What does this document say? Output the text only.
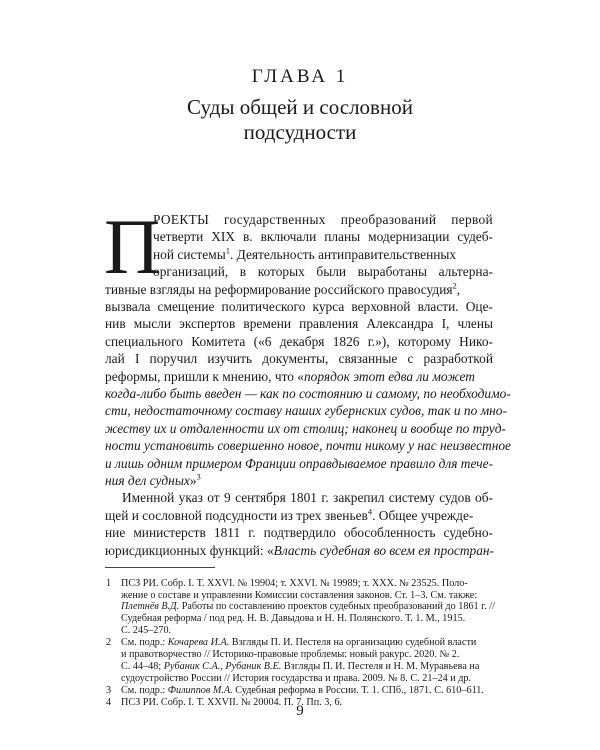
ГЛАВА 1
Суды общей и сословной
подсудности
П
РОЕКТЫ государственных преобразований первой
четверти XIX в. включали планы модернизации судеб-
ной системы$^1$. Деятельность антиправительственных
организаций, в которых были выработаны альтерна-
тивные взгляды на реформирование российского правосудия$^2$,
вызвала смещение политического курса верховной власти. Оце-
нив мысли экспертов времени правления Александра I, члены
специального Комитета («6 декабря 1826 г.»), которому Нико-
лай I поручил изучить документы, связанные с разработкой
реформы, пришли к мнению, что «порядок этот едва ли может
когда-либо быть введен — как по состоянию и самому, по необходимо-
сти, недостаточному составу наших губернских судов, так и по мно-
жеству их и отдаленности их от столиц; наконец и вообще по труд-
ности установить совершенно новое, почти никому у нас неизвестное
и лишь одним примером Франции оправдываемое правило для тече-
ния дел судных»$^3$
Именной указ от 9 сентября 1801 г. закрепил систему судов об-
щей и сословной подсудности из трех звеньев$^4$. Общее учрежде-
ние министерств 1811 г. подтвердило обособленность судебно-
юрисдикционных функций: «Власть судебная во всем ея простран-
1 ПСЗ РИ. Собр. I. Т. XXVI. № 19904; т. XXVI. № 19989; т. XXX. № 23525. Поло-
жение о составе и управлении Комиссии составления законов. Ст. 1–3. См. также:
Плетнёв В.Д. Работы по составлению проектов судебных преобразований до 1861 г. //
Судебная реформа / под ред. Н. В. Давыдова и Н. Н. Полянского. Т. 1. М., 1915.
С. 245–270.
2 См. подр.: Кочарева И.А. Взгляды П. И. Пестеля на организацию судебной власти
и правотворчество // Историко-правовые проблемы: новый ракурс. 2020. № 2.
С. 44–48; Рубаник С.А., Рубаник В.Е. Взгляды П. И. Пестеля и Н. М. Муравьева на
судоустройство России // История государства и права. 2009. № 8. С. 21–24 и др.
3 См. подр.: Филиппов М.А. Судебная реформа в России. Т. 1. СПб., 1871. С. 610–611.
4 ПСЗ РИ. Собр. I. Т. XXVII. № 20004. П. 7. Пп. 3, 6.
9
